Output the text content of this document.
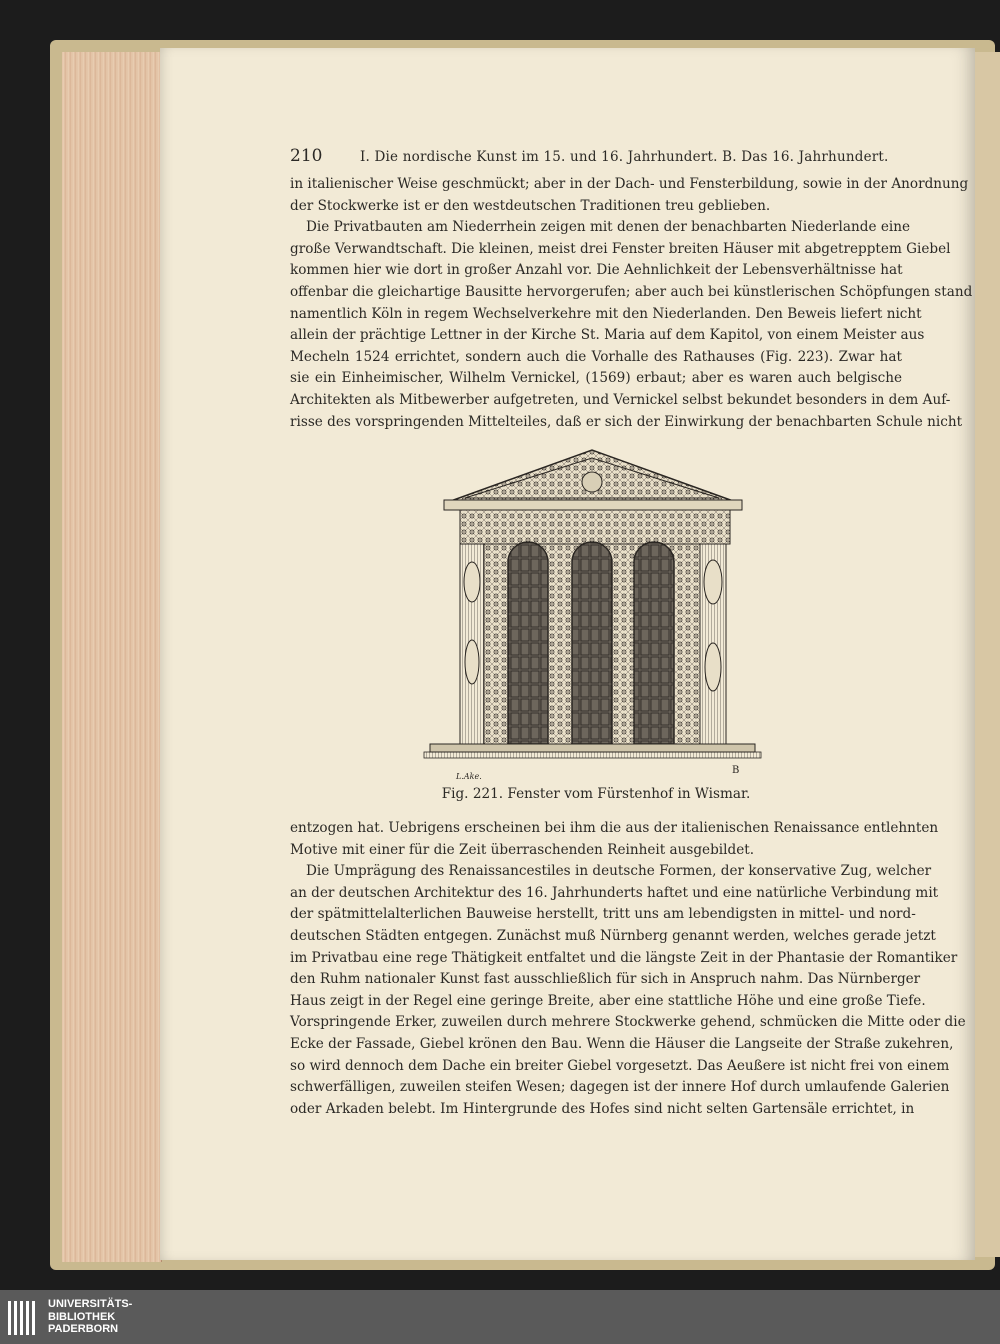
210	I. Die nordische Kunst im 15. und 16. Jahrhundert. B. Das 16. Jahrhundert.
in italienischer Weise geschmückt; aber in der Dach- und Fensterbildung, sowie in der Anordnung
der Stockwerke ist er den westdeutschen Traditionen treu geblieben.
Die Privatbauten am Niederrhein zeigen mit denen der benachbarten Niederlande eine
große Verwandtschaft. Die kleinen, meist drei Fenster breiten Häuser mit abgetrepptem Giebel
kommen hier wie dort in großer Anzahl vor. Die Aehnlichkeit der Lebensverhältnisse hat
offenbar die gleichartige Bausitte hervorgerufen; aber auch bei künstlerischen Schöpfungen stand
namentlich Köln in regem Wechselverkehre mit den Niederlanden. Den Beweis liefert nicht
allein der prächtige Lettner in der Kirche St. Maria auf dem Kapitol, von einem Meister aus
Mecheln 1524 errichtet, sondern auch die Vorhalle des Rathauses (Fig. 223). Zwar hat
sie ein Einheimischer, Wilhelm Vernickel, (1569) erbaut; aber es waren auch belgische
Architekten als Mitbewerber aufgetreten, und Vernickel selbst bekundet besonders in dem Auf-
risse des vorspringenden Mittelteiles, daß er sich der Einwirkung der benachbarten Schule nicht
L.Ake.
B
Fig. 221. Fenster vom Fürstenhof in Wismar.
entzogen hat. Uebrigens erscheinen bei ihm die aus der italienischen Renaissance entlehnten
Motive mit einer für die Zeit überraschenden Reinheit ausgebildet.
Die Umprägung des Renaissancestiles in deutsche Formen, der konservative Zug, welcher
an der deutschen Architektur des 16. Jahrhunderts haftet und eine natürliche Verbindung mit
der spätmittelalterlichen Bauweise herstellt, tritt uns am lebendigsten in mittel- und nord-
deutschen Städten entgegen. Zunächst muß Nürnberg genannt werden, welches gerade jetzt
im Privatbau eine rege Thätigkeit entfaltet und die längste Zeit in der Phantasie der Romantiker
den Ruhm nationaler Kunst fast ausschließlich für sich in Anspruch nahm. Das Nürnberger
Haus zeigt in der Regel eine geringe Breite, aber eine stattliche Höhe und eine große Tiefe.
Vorspringende Erker, zuweilen durch mehrere Stockwerke gehend, schmücken die Mitte oder die
Ecke der Fassade, Giebel krönen den Bau. Wenn die Häuser die Langseite der Straße zukehren,
so wird dennoch dem Dache ein breiter Giebel vorgesetzt. Das Aeußere ist nicht frei von einem
schwerfälligen, zuweilen steifen Wesen; dagegen ist der innere Hof durch umlaufende Galerien
oder Arkaden belebt. Im Hintergrunde des Hofes sind nicht selten Gartensäle errichtet, in
UNIVERSITÄTS-
BIBLIOTHEK
PADERBORN
